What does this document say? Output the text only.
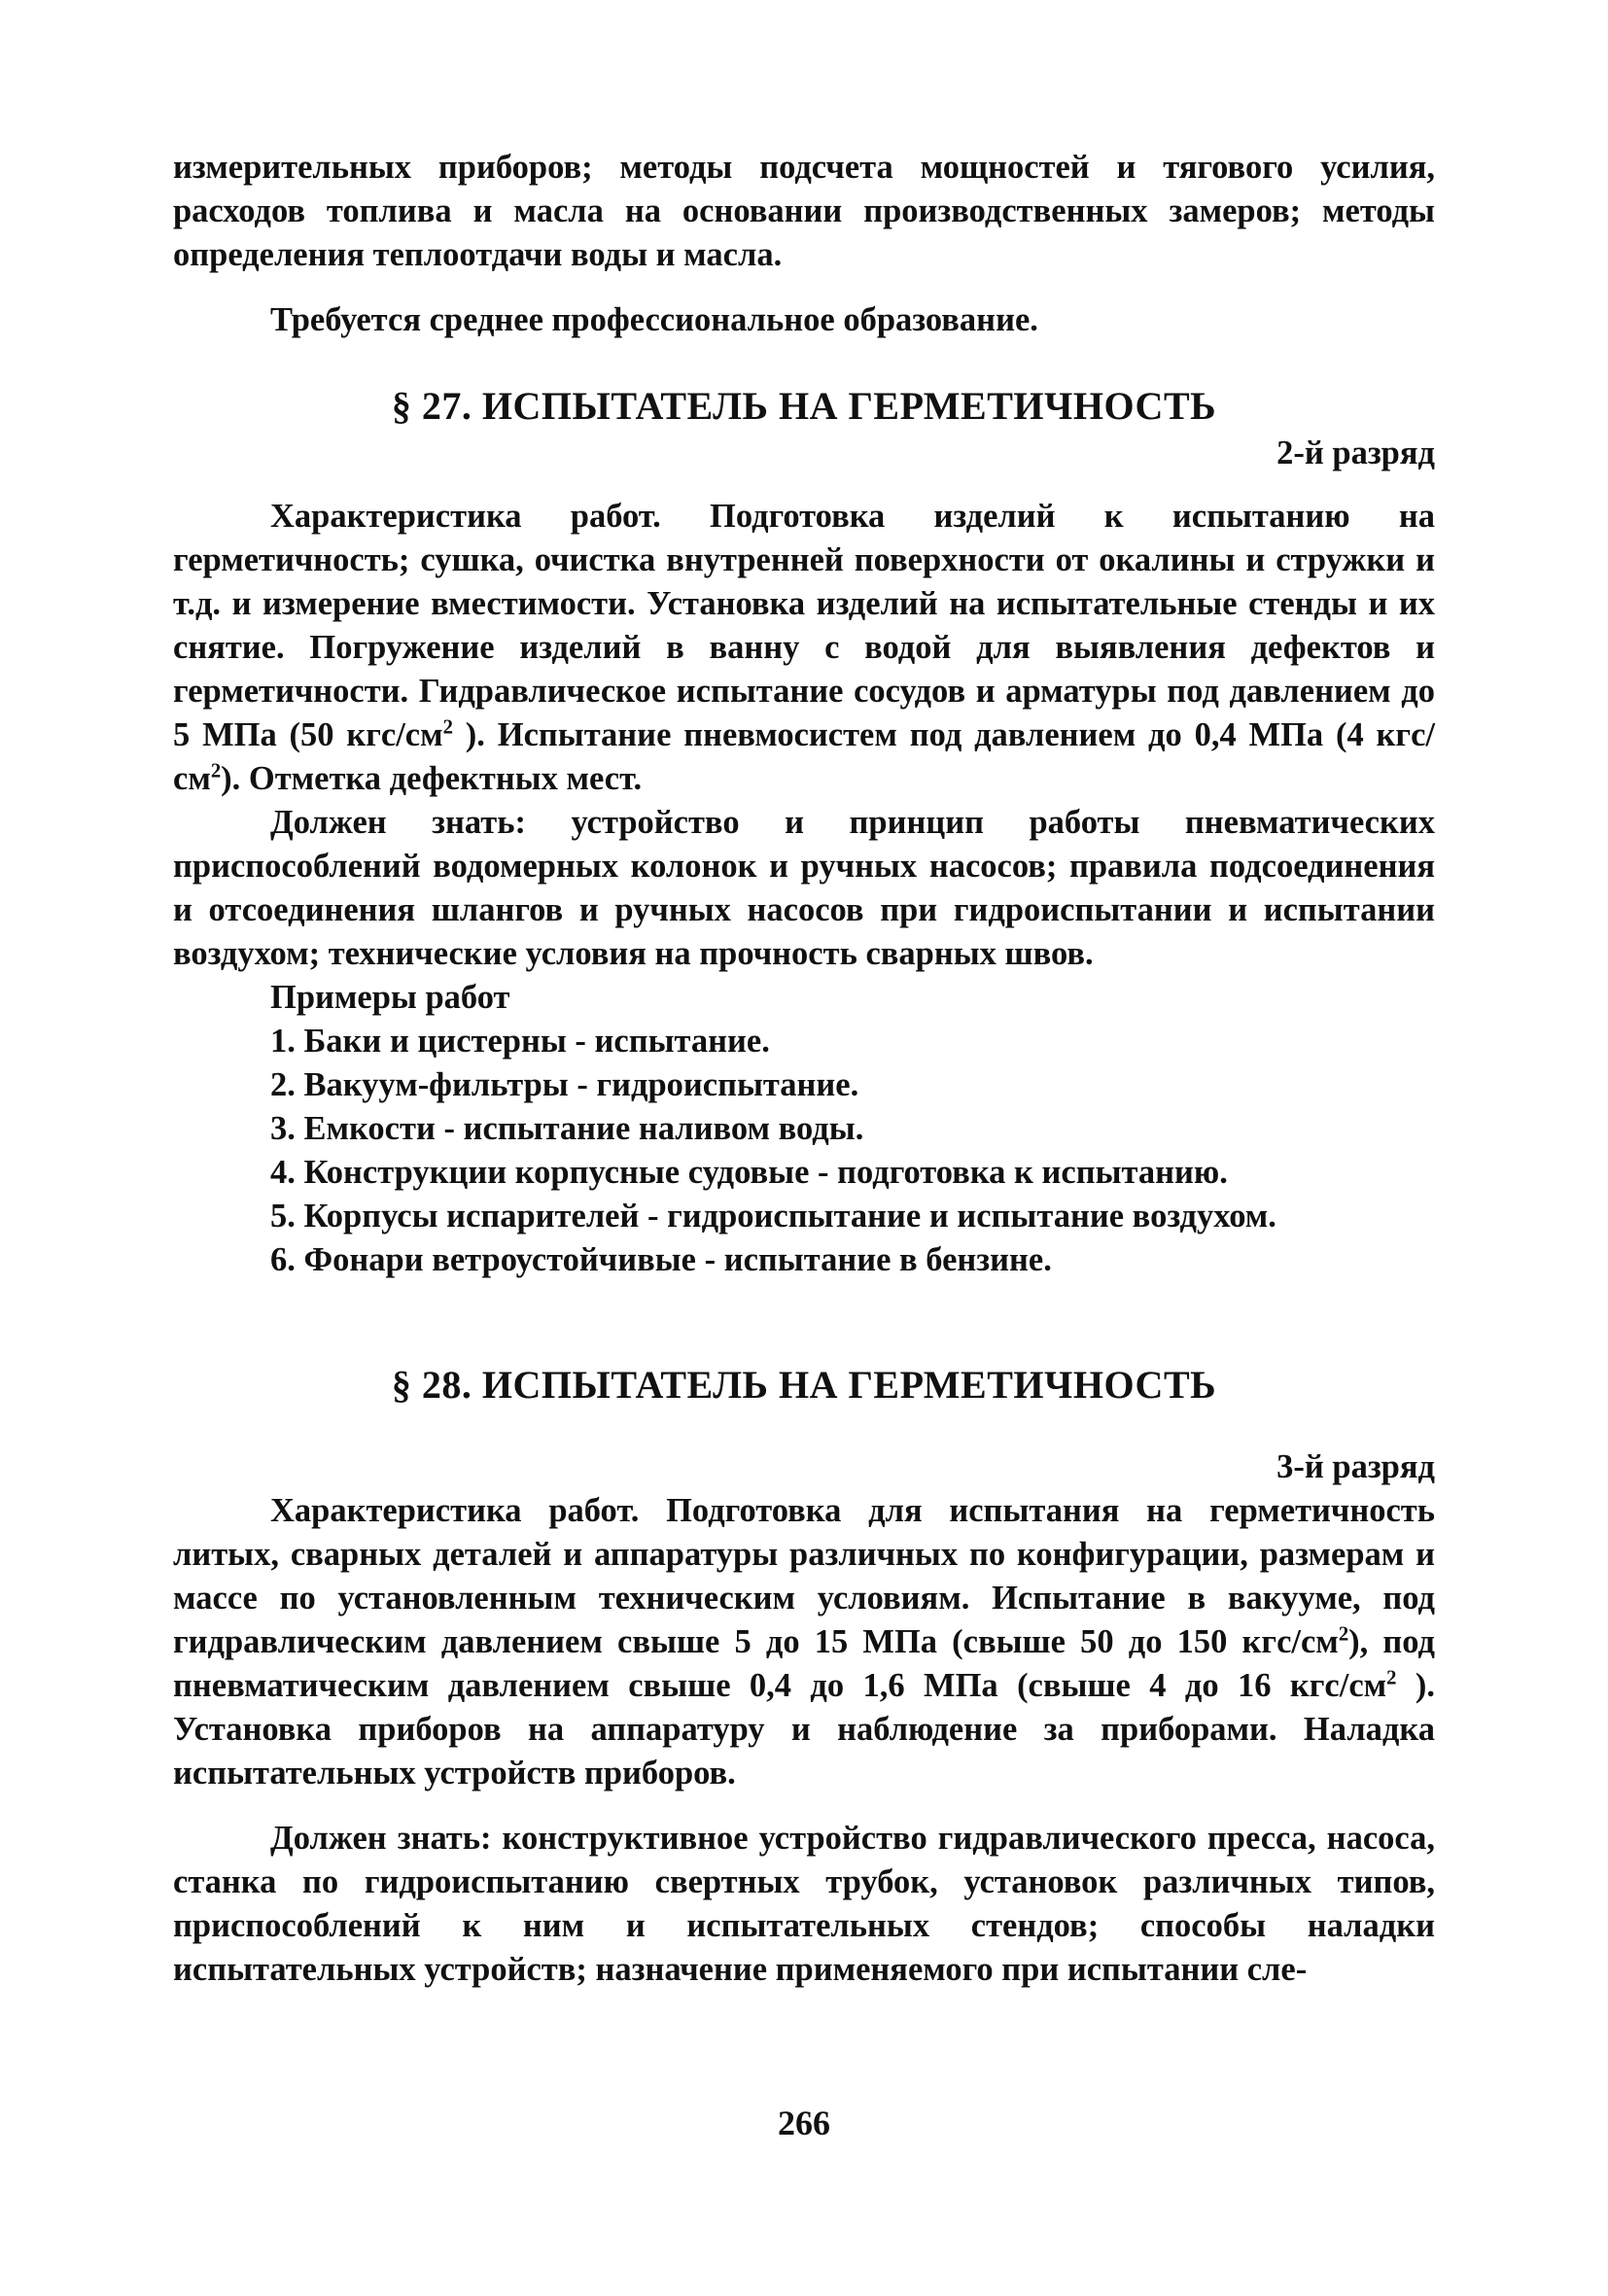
измерительных приборов; методы подсчета мощностей и тягового усилия, расходов топлива и масла на основании производственных замеров; методы определения теплоотдачи воды и масла.

Требуется среднее профессиональное образование.

§ 27. ИСПЫТАТЕЛЬ НА ГЕРМЕТИЧНОСТЬ

2-й разряд

Характеристика работ. Подготовка изделий к испытанию на герметичность; сушка, очистка внутренней поверхности от окалины и стружки и т.д. и измерение вместимости. Установка изделий на испытательные стенды и их снятие. Погружение изделий в ванну с водой для выявления дефектов и герметичности. Гидравлическое испытание сосудов и арматуры под давлением до 5 МПа (50 кгс/$см^2$ ). Испытание пневмосистем под давлением до 0,4 МПа (4 кгс/$см^2$). Отметка дефектных мест.

Должен знать: устройство и принцип работы пневматических приспособлений водомерных колонок и ручных насосов; правила подсоединения и отсоединения шлангов и ручных насосов при гидроиспытании и испытании воздухом; технические условия на прочность сварных швов.

Примеры работ

1. Баки и цистерны - испытание.
2. Вакуум-фильтры - гидроиспытание.
3. Емкости - испытание наливом воды.
4. Конструкции корпусные судовые - подготовка к испытанию.
5. Корпусы испарителей - гидроиспытание и испытание воздухом.
6. Фонари ветроустойчивые - испытание в бензине.
§ 28. ИСПЫТАТЕЛЬ НА ГЕРМЕТИЧНОСТЬ

3-й разряд

Характеристика работ. Подготовка для испытания на герметичность литых, сварных деталей и аппаратуры различных по конфигурации, размерам и массе по установленным техническим условиям. Испытание в вакууме, под гидравлическим давлением свыше 5 до 15 МПа (свыше 50 до 150 кгс/$см^2$), под пневматическим давлением свыше 0,4 до 1,6 МПа (свыше 4 до 16 кгс/$см^2$ ). Установка приборов на аппаратуру и наблюдение за приборами. Наладка испытательных устройств приборов.

Должен знать: конструктивное устройство гидравлического пресса, насоса, станка по гидроиспытанию свертных трубок, установок различных типов, приспособлений к ним и испытательных стендов; способы наладки испытательных устройств; назначение применяемого при испытании сле-

266
